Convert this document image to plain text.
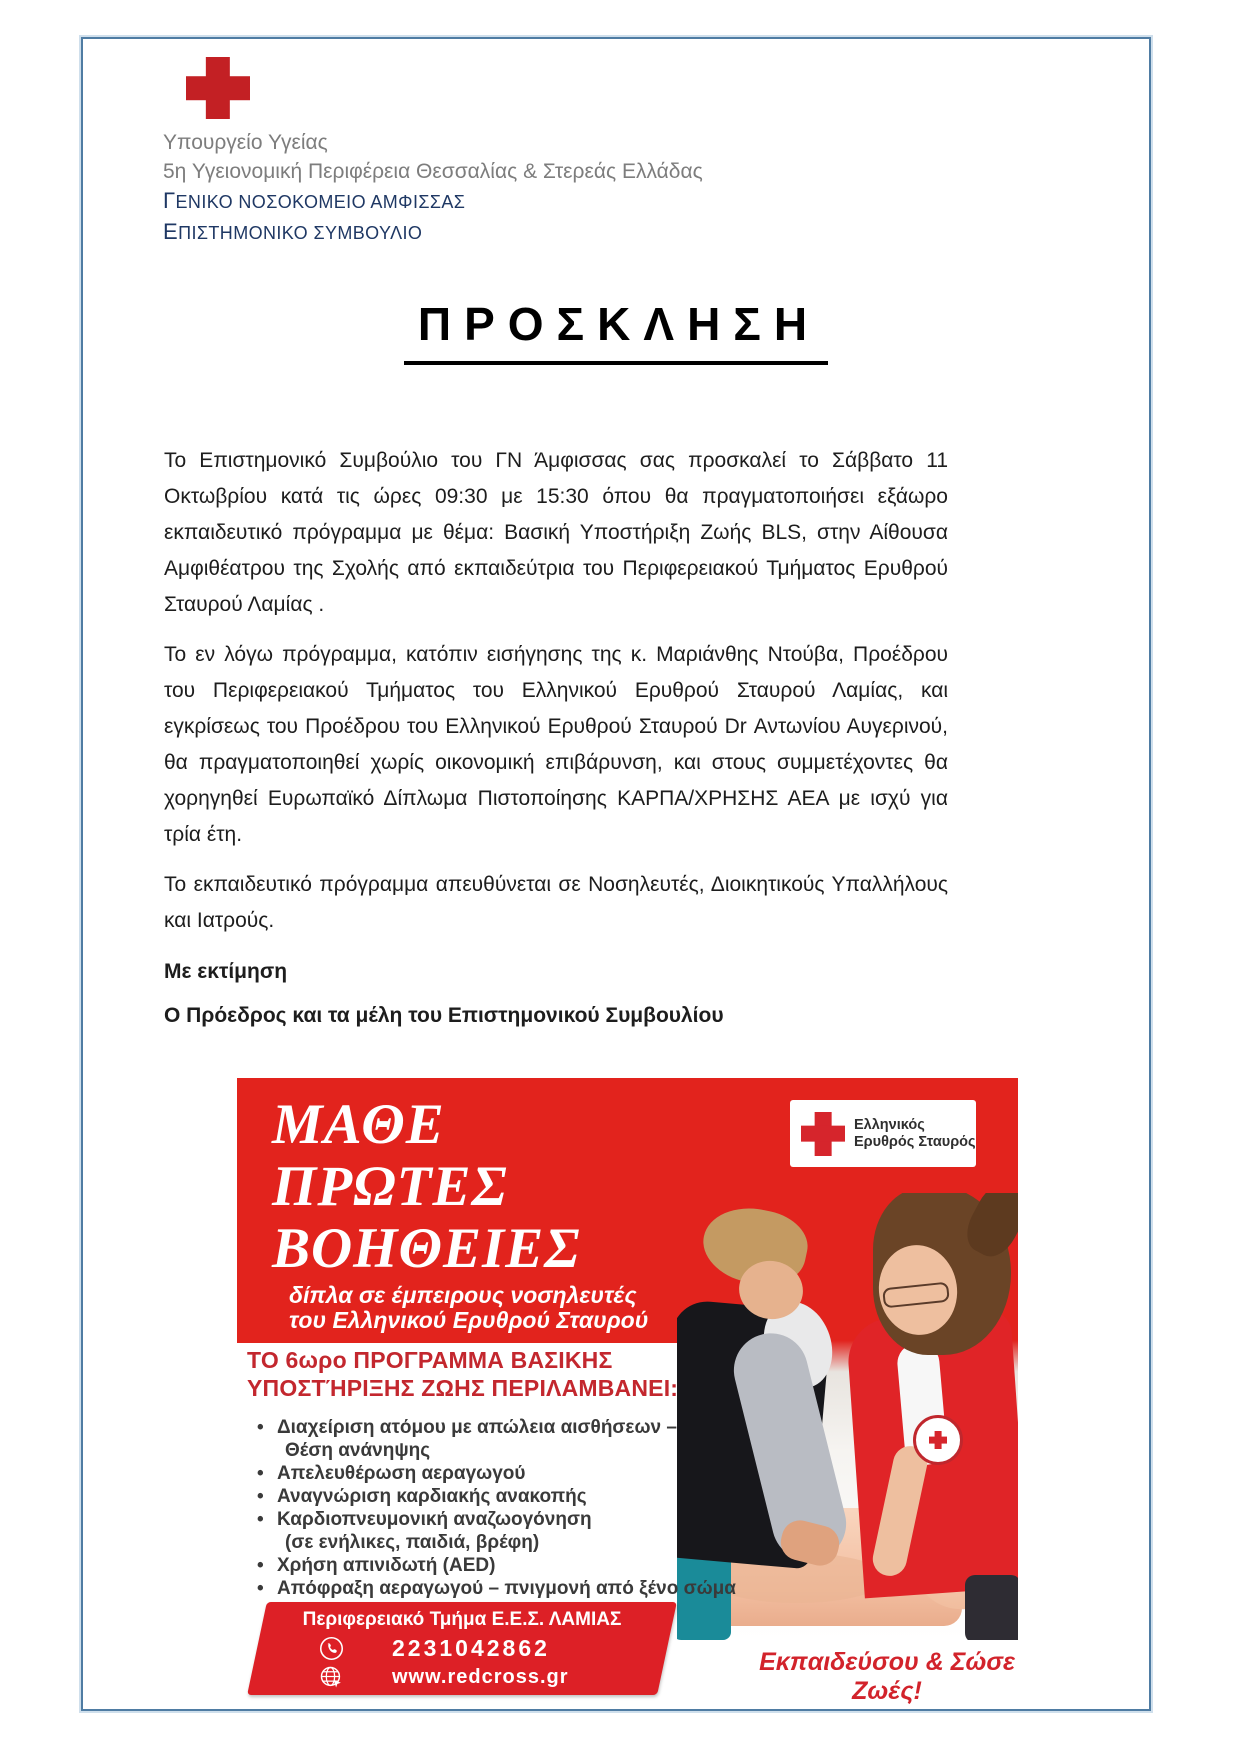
Υπουργείο Υγείας
5η Υγειονομική Περιφέρεια Θεσσαλίας & Στερεάς Ελλάδας
ΓΕΝΙΚΟ ΝΟΣΟΚΟΜΕΙΟ ΑΜΦΙΣΣΑΣ
ΕΠΙΣΤΗΜΟΝΙΚΟ ΣΥΜΒΟΥΛΙΟ
ΠΡΟΣΚΛΗΣΗ

Το Επιστημονικό Συμβούλιο του ΓΝ Άμφισσας σας προσκαλεί το Σάββατο 11 Οκτωβρίου κατά τις ώρες 09:30 με 15:30 όπου θα πραγματοποιήσει εξάωρο εκπαιδευτικό πρόγραμμα με θέμα: Βασική Υποστήριξη Ζωής BLS, στην Αίθουσα Αμφιθέατρου της Σχολής από εκπαιδεύτρια του Περιφερειακού Τμήματος Ερυθρού Σταυρού Λαμίας .

Το εν λόγω πρόγραμμα, κατόπιν εισήγησης της κ. Μαριάνθης Ντούβα, Προέδρου του Περιφερειακού Τμήματος του Ελληνικού Ερυθρού Σταυρού Λαμίας, και εγκρίσεως του Προέδρου του Ελληνικού Ερυθρού Σταυρού Dr Αντωνίου Αυγερινού, θα πραγματοποιηθεί χωρίς οικονομική επιβάρυνση, και στους συμμετέχοντες θα χορηγηθεί Ευρωπαϊκό Δίπλωμα Πιστοποίησης ΚΑΡΠΑ/ΧΡΗΣΗΣ ΑΕΑ με ισχύ για τρία έτη.

Το εκπαιδευτικό πρόγραμμα απευθύνεται σε Νοσηλευτές, Διοικητικούς Υπαλλήλους και Ιατρούς.

Με εκτίμηση
Ο Πρόεδρος και τα μέλη του Επιστημονικού Συμβουλίου
ΜΑΘΕ
ΠΡΩΤΕΣ
ΒΟΗΘΕΙΕΣ
δίπλα σε έμπειρους νοσηλευτές
του Ελληνικού Ερυθρού Σταυρού
Ελληνικός
Ερυθρός Σταυρός
ΤΟ 6ωρο ΠΡΟΓΡΑΜΜΑ ΒΑΣΙΚΗΣ
ΥΠΟΣΤΉΡΙΞΗΣ ΖΩΗΣ ΠΕΡΙΛΑΜΒΑΝΕΙ:
•
Διαχείριση ατόμου με απώλεια αισθήσεων –
Θέση ανάνηψης
•
Απελευθέρωση αεραγωγού
•
Αναγνώριση καρδιακής ανακοπής
•
Καρδιοπνευμονική αναζωογόνηση
(σε ενήλικες, παιδιά, βρέφη)
•
Χρήση απινιδωτή (AED)
•
Απόφραξη αεραγωγού – πνιγμονή από ξένο σώμα
Περιφερειακό Τμήμα Ε.Ε.Σ. ΛΑΜΙΑΣ
2231042862
www.redcross.gr
Εκπαιδεύσου & Σώσε Ζωές!
